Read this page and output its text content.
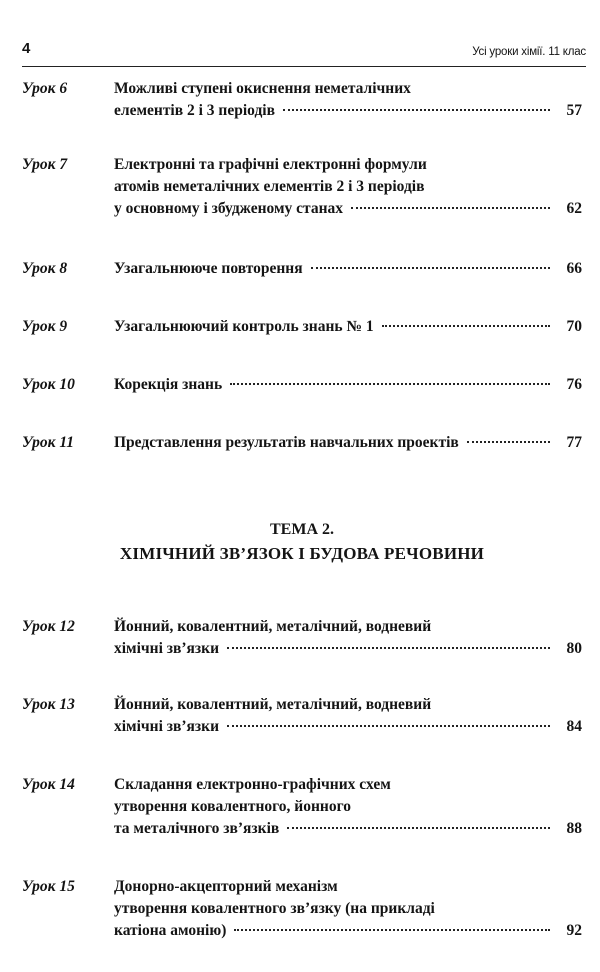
4	Усі уроки хімії. 11 клас
Урок 6	Можливі ступені окиснення неметалічних
елементів 2 і 3 періодів	57
Урок 7	Електронні та графічні електронні формули
атомів неметалічних елементів 2 і 3 періодів
у основному і збудженому станах	62
Урок 8	Узагальнююче повторення	66
Урок 9	Узагальнюючий контроль знань № 1	70
Урок 10	Корекція знань	76
Урок 11	Представлення результатів навчальних проектів	77
ТЕМА 2.
ХІМІЧНИЙ ЗВ’ЯЗОК І БУДОВА РЕЧОВИНИ
Урок 12	Йонний, ковалентний, металічний, водневий
хімічні зв’язки	80
Урок 13	Йонний, ковалентний, металічний, водневий
хімічні зв’язки	84
Урок 14	Складання електронно-графічних схем
утворення ковалентного, йонного
та металічного зв’язків	88
Урок 15	Донорно-акцепторний механізм
утворення ковалентного зв’язку (на прикладі
катіона амонію)	92
